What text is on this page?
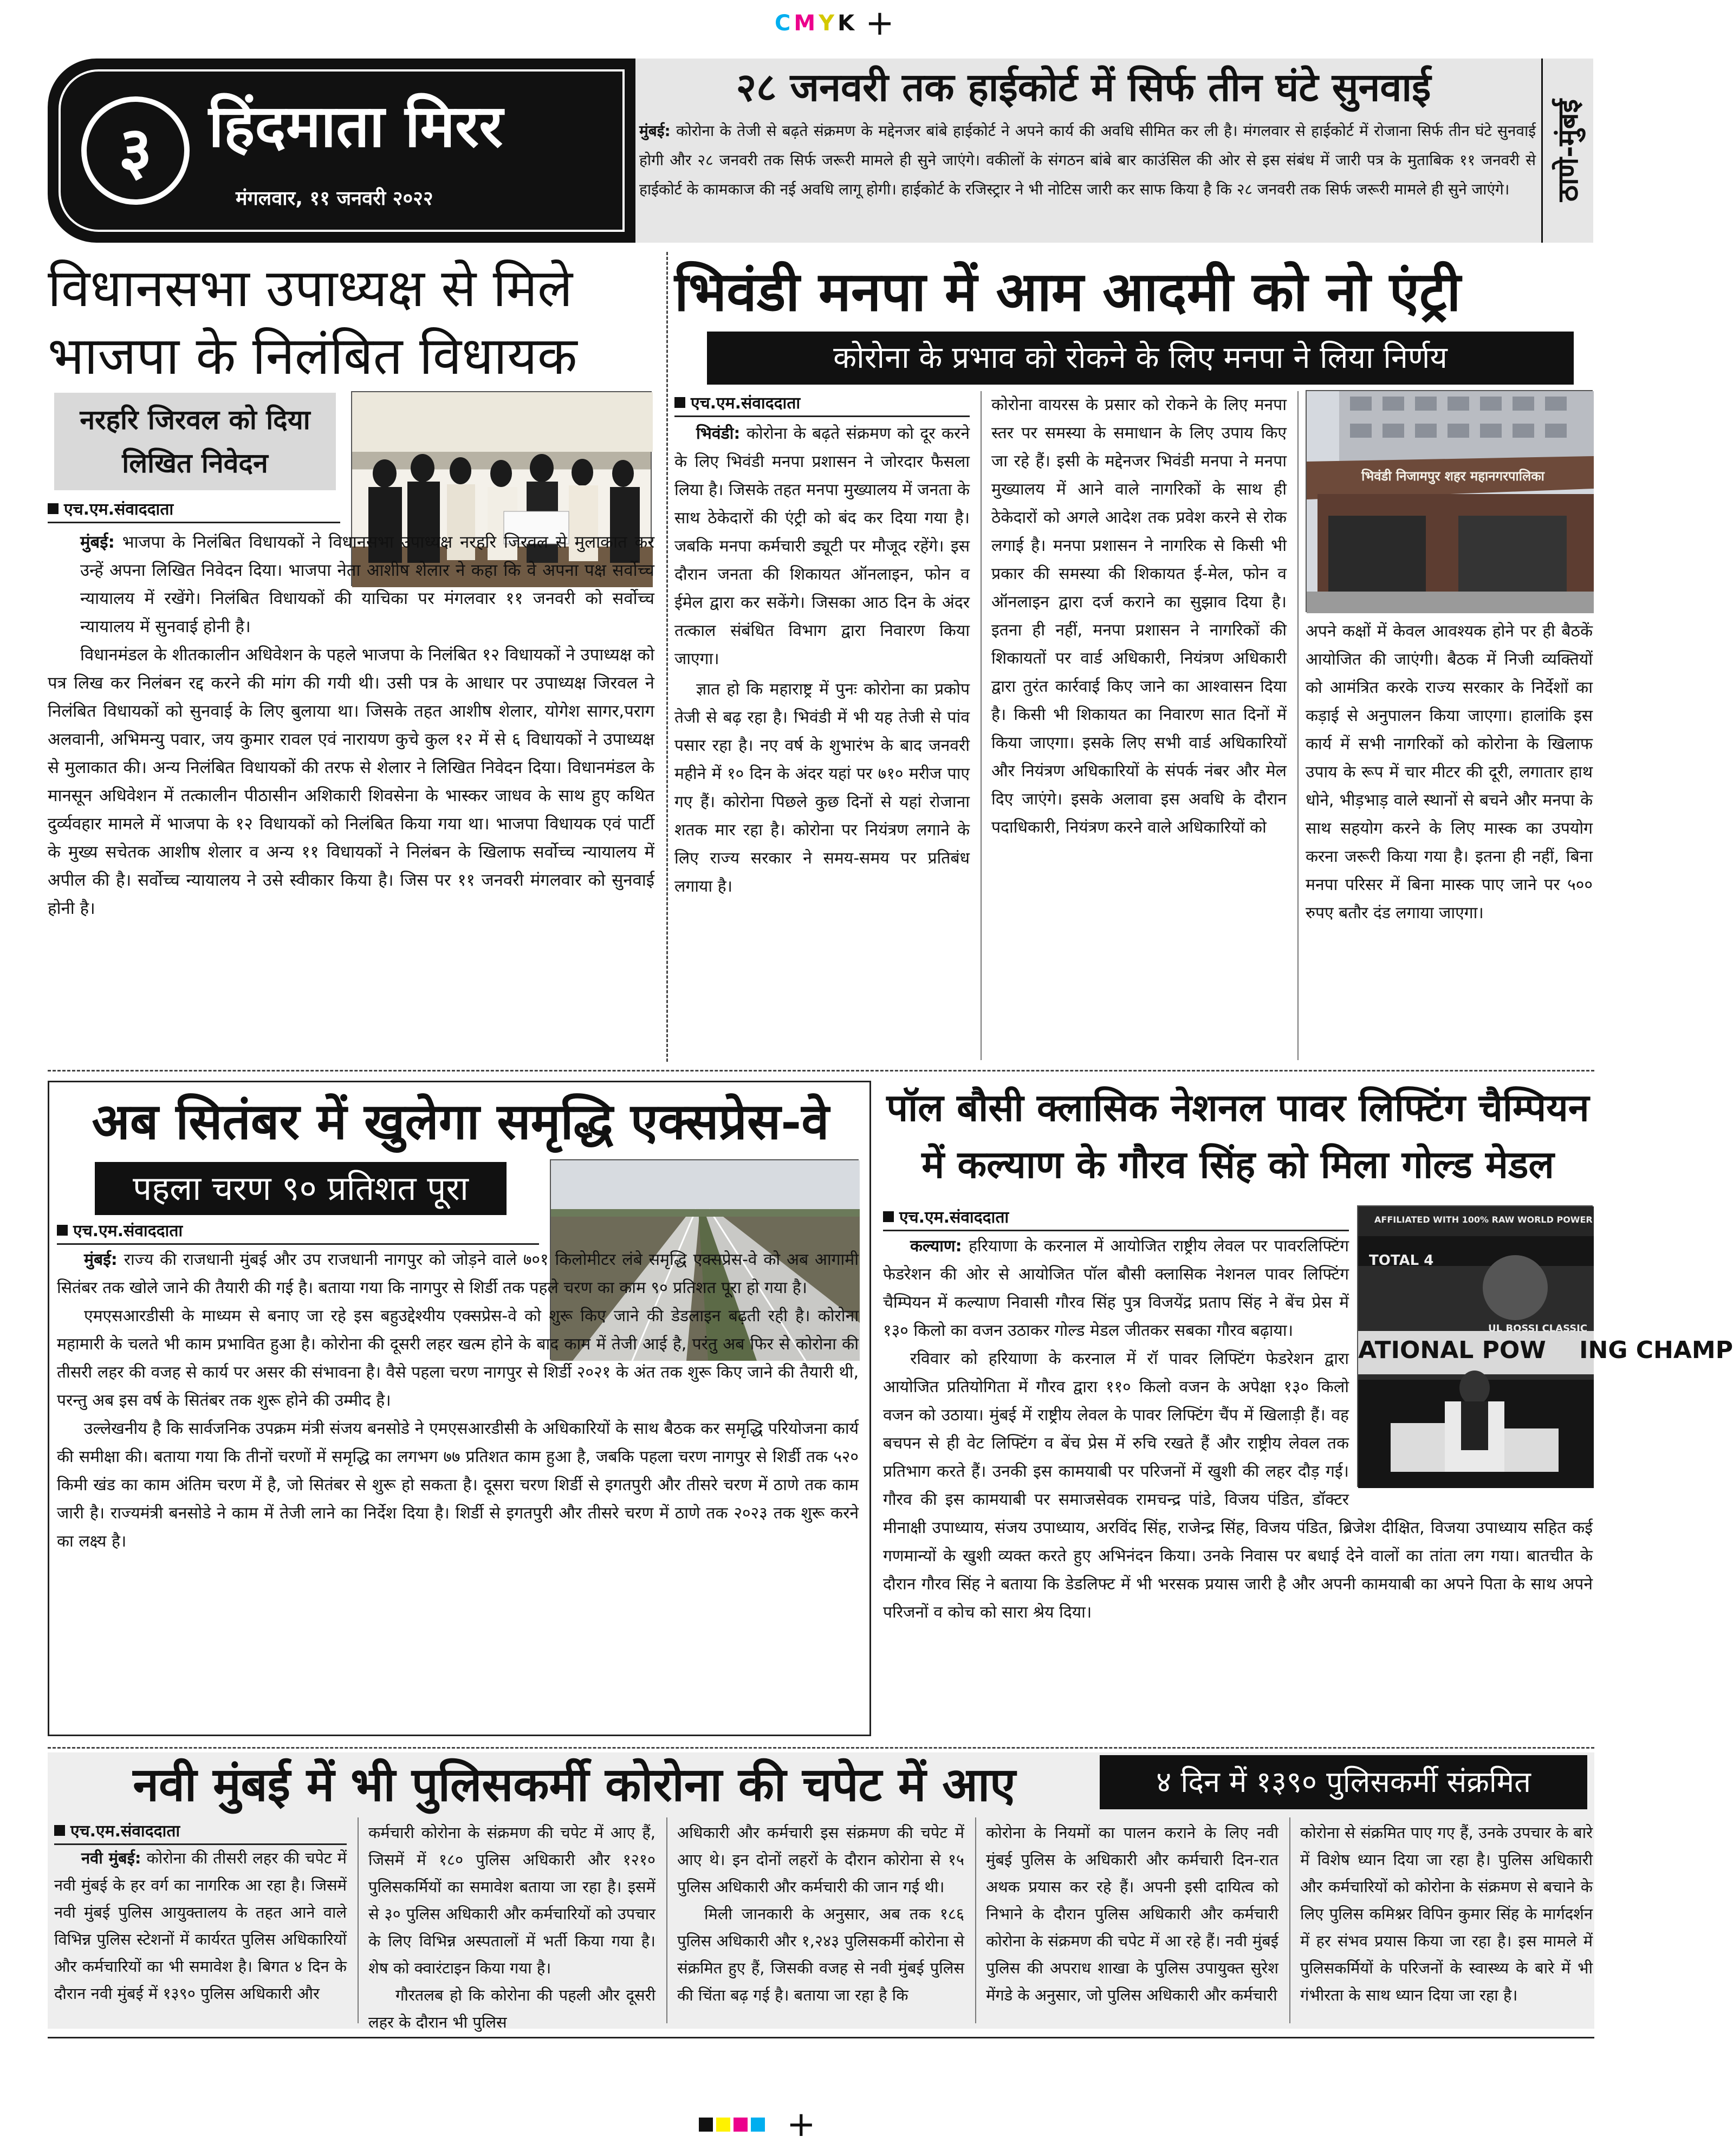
CMYK +
३ हिंदमाता मिरर
मंगलवार, ११ जनवरी २०२२
२८ जनवरी तक हाईकोर्ट में सिर्फ तीन घंटे सुनवाई
मुंबई: कोरोना के तेजी से बढ़ते संक्रमण के मद्देनजर बांबे हाईकोर्ट ने अपने कार्य की अवधि सीमित कर ली है। मंगलवार से हाईकोर्ट में रोजाना सिर्फ तीन घंटे सुनवाई होगी और २८ जनवरी तक सिर्फ जरूरी मामले ही सुने जाएंगे। वकीलों के संगठन बांबे बार काउंसिल की ओर से इस संबंध में जारी पत्र के मुताबिक ११ जनवरी से हाईकोर्ट के कामकाज की नई अवधि लागू होगी। हाईकोर्ट के रजिस्ट्रार ने भी नोटिस जारी कर साफ किया है कि २८ जनवरी तक सिर्फ जरूरी मामले ही सुने जाएंगे।	ठाणे-मुंबई
विधानसभा उपाध्यक्ष से मिले भाजपा के निलंबित विधायक
नरहरि जिरवल को दिया लिखित निवेदन
एच.एम.संवाददाता
मुंबई: भाजपा के निलंबित विधायकों ने विधानसभा उपाध्यक्ष नरहरि जिरवल से मुलाकात कर उन्हें अपना लिखित निवेदन दिया। भाजपा नेता आशीष शेलार ने कहा कि वे अपना पक्ष सर्वोच्च न्यायालय में रखेंगे। निलंबित विधायकों की याचिका पर मंगलवार ११ जनवरी को सर्वोच्च न्यायालय में सुनवाई होनी है।
विधानमंडल के शीतकालीन अधिवेशन के पहले भाजपा के निलंबित १२ विधायकों ने उपाध्यक्ष को पत्र लिख कर निलंबन रद्द करने की मांग की गयी थी। उसी पत्र के आधार पर उपाध्यक्ष जिरवल ने निलंबित विधायकों को सुनवाई के लिए बुलाया था। जिसके तहत आशीष शेलार, योगेश सागर,पराग अलवानी, अभिमन्यु पवार, जय कुमार रावल एवं नारायण कुचे कुल १२ में से ६ विधायकों ने उपाध्यक्ष से मुलाकात की। अन्य निलंबित विधायकों की तरफ से शेलार ने लिखित निवेदन दिया। विधानमंडल के मानसून अधिवेशन में तत्कालीन पीठासीन अशिकारी शिवसेना के भास्कर जाधव के साथ हुए कथित दुर्व्यवहार मामले में भाजपा के १२ विधायकों को निलंबित किया गया था। भाजपा विधायक एवं पार्टी के मुख्य सचेतक आशीष शेलार व अन्य ११ विधायकों ने निलंबन के खिलाफ सर्वोच्च न्यायालय में अपील की है। सर्वोच्च न्यायालय ने उसे स्वीकार किया है। जिस पर ११ जनवरी मंगलवार को सुनवाई होनी है।
भिवंडी मनपा में आम आदमी को नो एंट्री
कोरोना के प्रभाव को रोकने के लिए मनपा ने लिया निर्णय
एच.एम.संवाददाता
भिवंडी: कोरोना के बढ़ते संक्रमण को दूर करने के लिए भिवंडी मनपा प्रशासन ने जोरदार फैसला लिया है। जिसके तहत मनपा मुख्यालय में जनता के साथ ठेकेदारों की एंट्री को बंद कर दिया गया है। जबकि मनपा कर्मचारी ड्यूटी पर मौजूद रहेंगे। इस दौरान जनता की शिकायत ऑनलाइन, फोन व ईमेल द्वारा कर सकेंगे। जिसका आठ दिन के अंदर तत्काल संबंधित विभाग द्वारा निवारण किया जाएगा।
ज्ञात हो कि महाराष्ट्र में पुनः कोरोना का प्रकोप तेजी से बढ़ रहा है। भिवंडी में भी यह तेजी से पांव पसार रहा है। नए वर्ष के शुभारंभ के बाद जनवरी महीने में १० दिन के अंदर यहां पर ७१० मरीज पाए गए हैं। कोरोना पिछले कुछ दिनों से यहां रोजाना शतक मार रहा है। कोरोना पर नियंत्रण लगाने के लिए राज्य सरकार ने समय-समय पर प्रतिबंध लगाया है।
कोरोना वायरस के प्रसार को रोकने के लिए मनपा स्तर पर समस्या के समाधान के लिए उपाय किए जा रहे हैं। इसी के मद्देनजर भिवंडी मनपा ने मनपा मुख्यालय में आने वाले नागरिकों के साथ ही ठेकेदारों को अगले आदेश तक प्रवेश करने से रोक लगाई है। मनपा प्रशासन ने नागरिक से किसी भी प्रकार की समस्या की शिकायत ई-मेल, फोन व ऑनलाइन द्वारा दर्ज कराने का सुझाव दिया है। इतना ही नहीं, मनपा प्रशासन ने नागरिकों की शिकायतों पर वार्ड अधिकारी, नियंत्रण अधिकारी द्वारा तुरंत कार्रवाई किए जाने का आश्वासन दिया है। किसी भी शिकायत का निवारण सात दिनों में किया जाएगा। इसके लिए सभी वार्ड अधिकारियों और नियंत्रण अधिकारियों के संपर्क नंबर और मेल दिए जाएंगे। इसके अलावा इस अवधि के दौरान पदाधिकारी, नियंत्रण करने वाले अधिकारियों को
भिवंडी निजामपुर शहर महानगरपालिका
अपने कक्षों में केवल आवश्यक होने पर ही बैठकें आयोजित की जाएंगी। बैठक में निजी व्यक्तियों को आमंत्रित करके राज्य सरकार के निर्देशों का कड़ाई से अनुपालन किया जाएगा। हालांकि इस कार्य में सभी नागरिकों को कोरोना के खिलाफ उपाय के रूप में चार मीटर की दूरी, लगातार हाथ धोने, भीड़भाड़ वाले स्थानों से बचने और मनपा के साथ सहयोग करने के लिए मास्क का उपयोग करना जरूरी किया गया है। इतना ही नहीं, बिना मनपा परिसर में बिना मास्क पाए जाने पर ५०० रुपए बतौर दंड लगाया जाएगा।
अब सितंबर में खुलेगा समृद्धि एक्सप्रेस-वे
पहला चरण ९० प्रतिशत पूरा
एच.एम.संवाददाता
मुंबई: राज्य की राजधानी मुंबई और उप राजधानी नागपुर को जोड़ने वाले ७०१ किलोमीटर लंबे समृद्धि एक्सप्रेस-वे को अब आगामी सितंबर तक खोले जाने की तैयारी की गई है। बताया गया कि नागपुर से शिर्डी तक पहले चरण का काम ९० प्रतिशत पूरा हो गया है।
एमएसआरडीसी के माध्यम से बनाए जा रहे इस बहुउद्देश्यीय एक्सप्रेस-वे को शुरू किए जाने की डेडलाइन बढ़ती रही है। कोरोना महामारी के चलते भी काम प्रभावित हुआ है। कोरोना की दूसरी लहर खत्म होने के बाद काम में तेजी आई है, परंतु अब फिर से कोरोना की तीसरी लहर की वजह से कार्य पर असर की संभावना है। वैसे पहला चरण नागपुर से शिर्डी २०२१ के अंत तक शुरू किए जाने की तैयारी थी, परन्तु अब इस वर्ष के सितंबर तक शुरू होने की उम्मीद है।
उल्लेखनीय है कि सार्वजनिक उपक्रम मंत्री संजय बनसोडे ने एमएसआरडीसी के अधिकारियों के साथ बैठक कर समृद्धि परियोजना कार्य की समीक्षा की। बताया गया कि तीनों चरणों में समृद्धि का लगभग ७७ प्रतिशत काम हुआ है, जबकि पहला चरण नागपुर से शिर्डी तक ५२० किमी खंड का काम अंतिम चरण में है, जो सितंबर से शुरू हो सकता है। दूसरा चरण शिर्डी से इगतपुरी और तीसरे चरण में ठाणे तक काम जारी है। राज्यमंत्री बनसोडे ने काम में तेजी लाने का निर्देश दिया है। शिर्डी से इगतपुरी और तीसरे चरण में ठाणे तक २०२३ तक शुरू करने का लक्ष्य है।
पॉल बौसी क्लासिक नेशनल पावर लिफ्टिंग चैम्पियन
में कल्याण के गौरव सिंह को मिला गोल्ड मेडल
एच.एम.संवाददाता	AFFILIATED WITH 100% RAW WORLD POWER
TOTAL 4
UL BOSSI CLASSIC
ATIONAL POW    ING CHAMP
कल्याण: हरियाणा के करनाल में आयोजित राष्ट्रीय लेवल पर पावरलिफ्टिंग फेडरेशन की ओर से आयोजित पॉल बौसी क्लासिक नेशनल पावर लिफ्टिंग चैम्पियन में कल्याण निवासी गौरव सिंह पुत्र विजयेंद्र प्रताप सिंह ने बेंच प्रेस में १३० किलो का वजन उठाकर गोल्ड मेडल जीतकर सबका गौरव बढ़ाया।
रविवार को हरियाणा के करनाल में रॉ पावर लिफ्टिंग फेडरेशन द्वारा आयोजित प्रतियोगिता में गौरव द्वारा ११० किलो वजन के अपेक्षा १३० किलो वजन को उठाया। मुंबई में राष्ट्रीय लेवल के पावर लिफ्टिंग चैंप में खिलाड़ी हैं। वह बचपन से ही वेट लिफ्टिंग व बेंच प्रेस में रुचि रखते हैं और राष्ट्रीय लेवल तक प्रतिभाग करते हैं। उनकी इस कामयाबी पर परिजनों में खुशी की लहर दौड़ गई। गौरव की इस कामयाबी पर समाजसेवक रामचन्द्र पांडे, विजय पंडित, डॉक्टर मीनाक्षी उपाध्याय, संजय उपाध्याय, अरविंद सिंह, राजेन्द्र सिंह, विजय पंडित, ब्रिजेश दीक्षित, विजया उपाध्याय सहित कई गणमान्यों के खुशी व्यक्त करते हुए अभिनंदन किया। उनके निवास पर बधाई देने वालों का तांता लग गया। बातचीत के दौरान गौरव सिंह ने बताया कि डेडलिफ्ट में भी भरसक प्रयास जारी है और अपनी कामयाबी का अपने पिता के साथ अपने परिजनों व कोच को सारा श्रेय दिया।
नवी मुंबई में भी पुलिसकर्मी कोरोना की चपेट में आए	४ दिन में १३९० पुलिसकर्मी संक्रमित
एच.एम.संवाददाता
नवी मुंबई: कोरोना की तीसरी लहर की चपेट में नवी मुंबई के हर वर्ग का नागरिक आ रहा है। जिसमें नवी मुंबई पुलिस आयुक्तालय के तहत आने वाले विभिन्न पुलिस स्टेशनों में कार्यरत पुलिस अधिकारियों और कर्मचारियों का भी समावेश है। बिगत ४ दिन के दौरान नवी मुंबई में १३९० पुलिस अधिकारी और
कर्मचारी कोरोना के संक्रमण की चपेट में आए हैं, जिसमें में १८० पुलिस अधिकारी और १२१० पुलिसकर्मियों का समावेश बताया जा रहा है। इसमें से ३० पुलिस अधिकारी और कर्मचारियों को उपचार के लिए विभिन्न अस्पतालों में भर्ती किया गया है। शेष को क्वारंटाइन किया गया है।
गौरतलब हो कि कोरोना की पहली और दूसरी लहर के दौरान भी पुलिस
अधिकारी और कर्मचारी इस संक्रमण की चपेट में आए थे। इन दोनों लहरों के दौरान कोरोना से १५ पुलिस अधिकारी और कर्मचारी की जान गई थी।
मिली जानकारी के अनुसार, अब तक १८६ पुलिस अधिकारी और १,२४३ पुलिसकर्मी कोरोना से संक्रमित हुए हैं, जिसकी वजह से नवी मुंबई पुलिस की चिंता बढ़ गई है। बताया जा रहा है कि
कोरोना के नियमों का पालन कराने के लिए नवी मुंबई पुलिस के अधिकारी और कर्मचारी दिन-रात अथक प्रयास कर रहे हैं। अपनी इसी दायित्व को निभाने के दौरान पुलिस अधिकारी और कर्मचारी कोरोना के संक्रमण की चपेट में आ रहे हैं। नवी मुंबई पुलिस की अपराध शाखा के पुलिस उपायुक्त सुरेश मेंगडे के अनुसार, जो पुलिस अधिकारी और कर्मचारी
कोरोना से संक्रमित पाए गए हैं, उनके उपचार के बारे में विशेष ध्यान दिया जा रहा है। पुलिस अधिकारी और कर्मचारियों को कोरोना के संक्रमण से बचाने के लिए पुलिस कमिश्नर विपिन कुमार सिंह के मार्गदर्शन में हर संभव प्रयास किया जा रहा है। इस मामले में पुलिसकर्मियों के परिजनों के स्वास्थ्य के बारे में भी गंभीरता के साथ ध्यान दिया जा रहा है।
+
